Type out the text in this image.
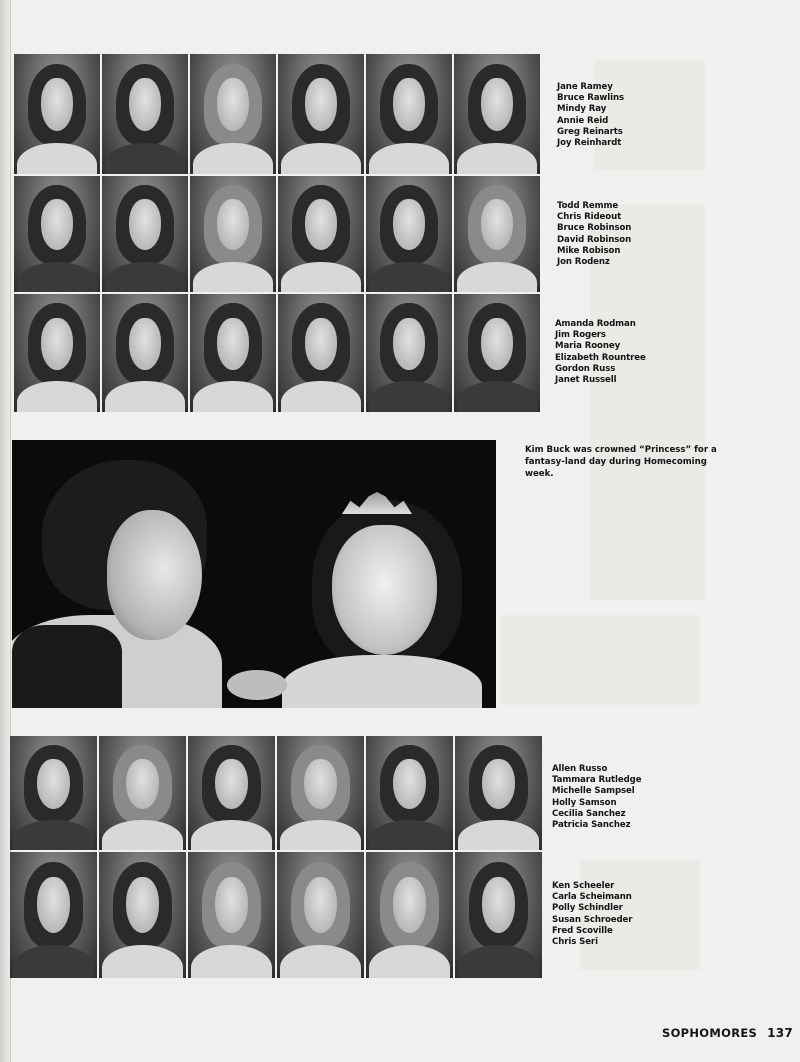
Jane Ramey
Bruce Rawlins
Mindy Ray
Annie Reid
Greg Reinarts
Joy Reinhardt
Todd Remme
Chris Rideout
Bruce Robinson
David Robinson
Mike Robison
Jon Rodenz
Amanda Rodman
Jim Rogers
Maria Rooney
Elizabeth Rountree
Gordon Russ
Janet Russell
Kim Buck was crowned “Princess” for a fantasy-land day during Homecoming week.
Allen Russo
Tammara Rutledge
Michelle Sampsel
Holly Samson
Cecilia Sanchez
Patricia Sanchez
Ken Scheeler
Carla Scheimann
Polly Schindler
Susan Schroeder
Fred Scoville
Chris Seri
SOPHOMORES 137
